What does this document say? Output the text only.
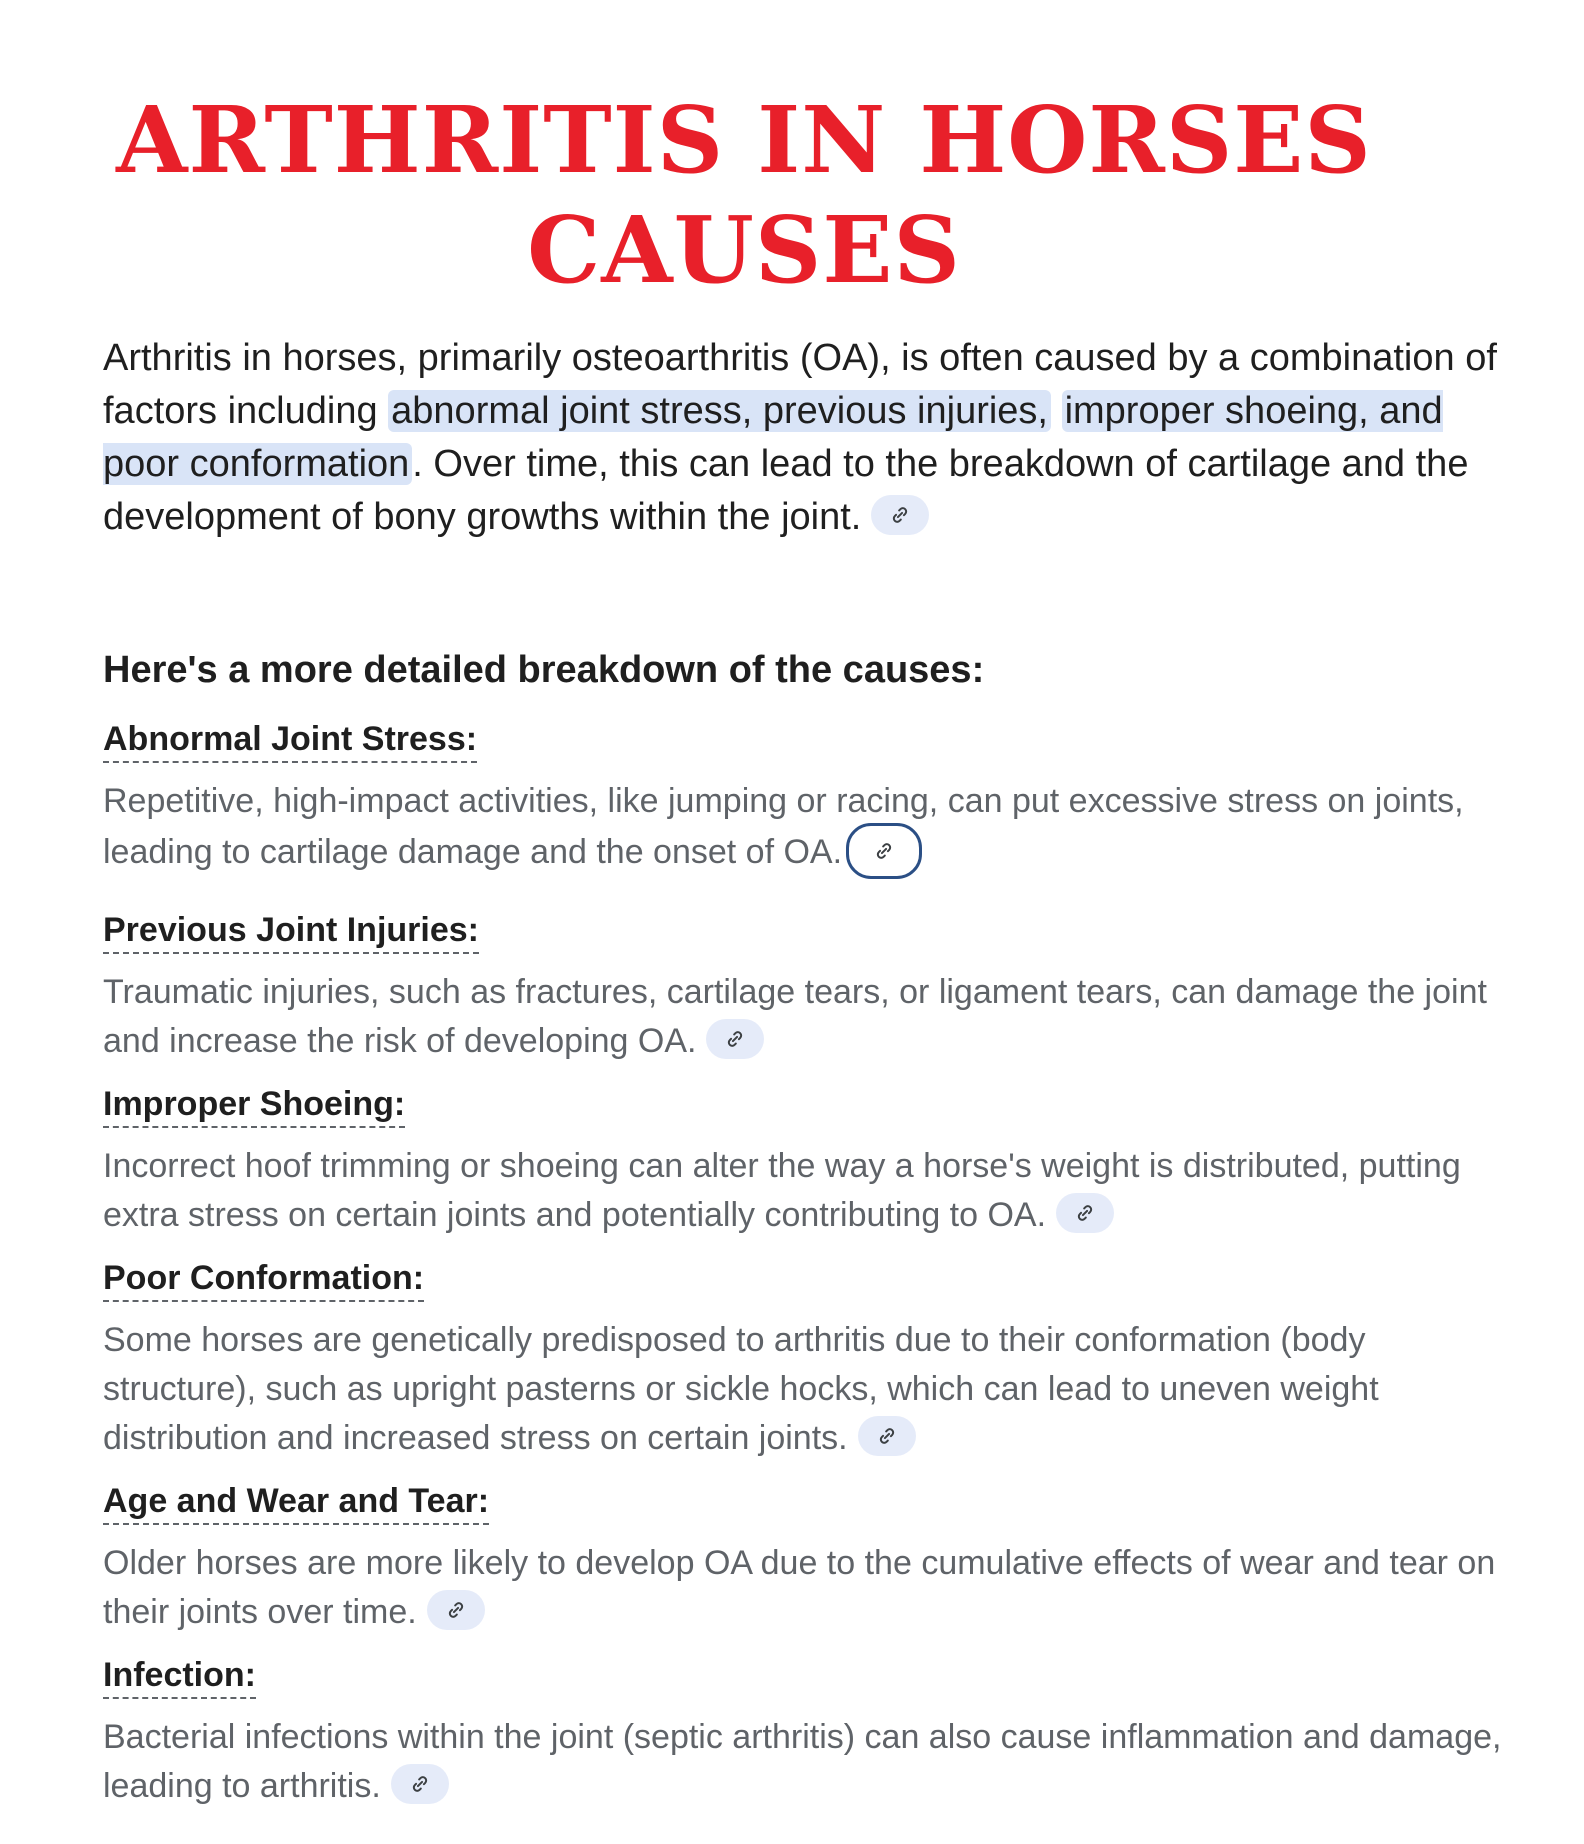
ARTHRITIS IN HORSES
CAUSES

Arthritis in horses, primarily osteoarthritis (OA), is often caused by a combination of factors including abnormal joint stress, previous injuries, improper shoeing, and poor conformation. Over time, this can lead to the breakdown of cartilage and the development of bony growths within the joint.

Here's a more detailed breakdown of the causes:
Abnormal Joint Stress:

Repetitive, high-impact activities, like jumping or racing, can put excessive stress on joints, leading to cartilage damage and the onset of OA.

Previous Joint Injuries:

Traumatic injuries, such as fractures, cartilage tears, or ligament tears, can damage the joint and increase the risk of developing OA.

Improper Shoeing:

Incorrect hoof trimming or shoeing can alter the way a horse's weight is distributed, putting extra stress on certain joints and potentially contributing to OA.

Poor Conformation:

Some horses are genetically predisposed to arthritis due to their conformation (body structure), such as upright pasterns or sickle hocks, which can lead to uneven weight distribution and increased stress on certain joints.

Age and Wear and Tear:

Older horses are more likely to develop OA due to the cumulative effects of wear and tear on their joints over time.

Infection:

Bacterial infections within the joint (septic arthritis) can also cause inflammation and damage, leading to arthritis.
